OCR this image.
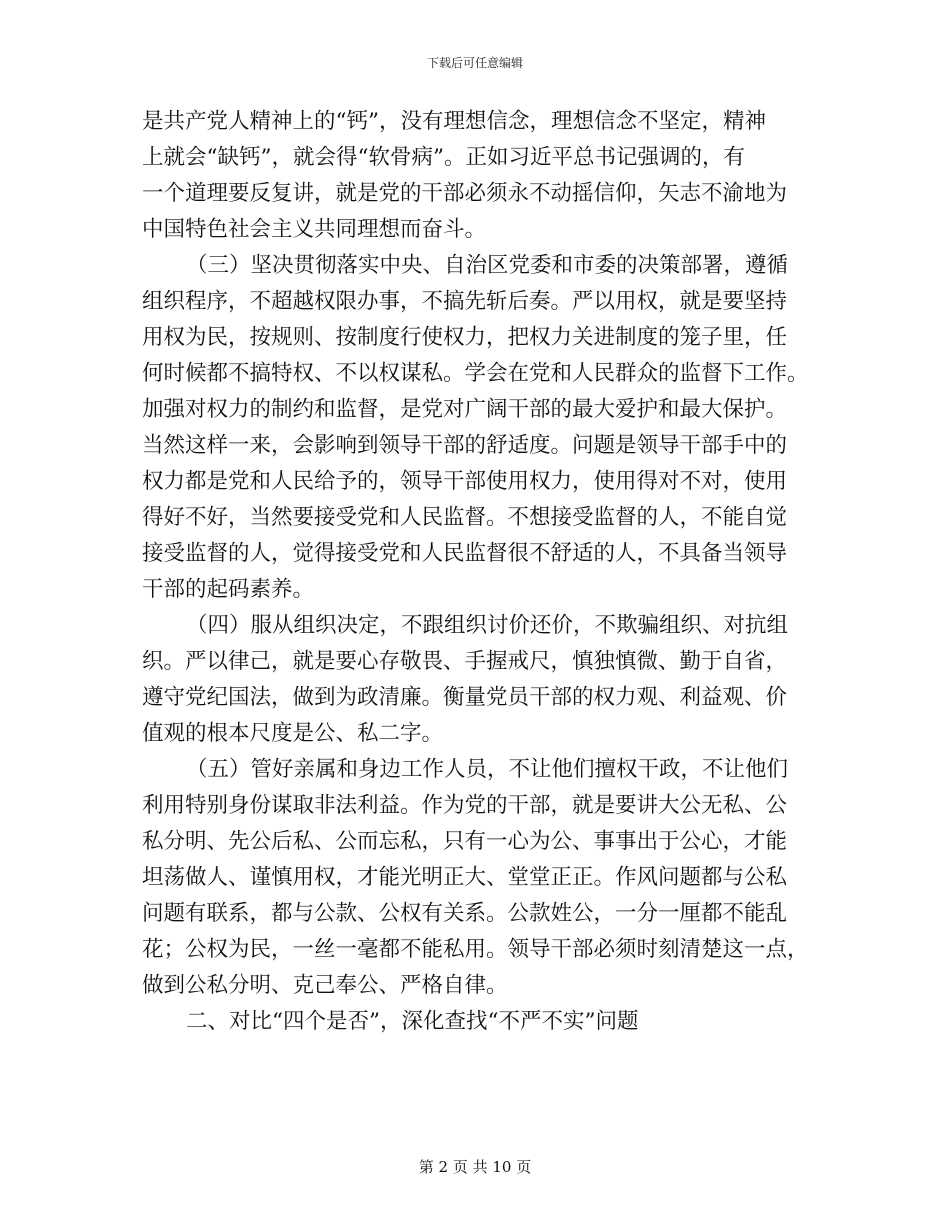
下载后可任意编辑
是共产党人精神上的“钙”，没有理想信念，理想信念不坚定，精神
上就会“缺钙”，就会得“软骨病”。正如习近平总书记强调的，有
一个道理要反复讲，就是党的干部必须永不动摇信仰，矢志不渝地为
中国特色社会主义共同理想而奋斗。
（三）坚决贯彻落实中央、自治区党委和市委的决策部署，遵循
组织程序，不超越权限办事，不搞先斩后奏。严以用权，就是要坚持
用权为民，按规则、按制度行使权力，把权力关进制度的笼子里，任
何时候都不搞特权、不以权谋私。学会在党和人民群众的监督下工作。
加强对权力的制约和监督，是党对广阔干部的最大爱护和最大保护。
当然这样一来，会影响到领导干部的舒适度。问题是领导干部手中的
权力都是党和人民给予的，领导干部使用权力，使用得对不对，使用
得好不好，当然要接受党和人民监督。不想接受监督的人，不能自觉
接受监督的人，觉得接受党和人民监督很不舒适的人，不具备当领导
干部的起码素养。
（四）服从组织决定，不跟组织讨价还价，不欺骗组织、对抗组
织。严以律己，就是要心存敬畏、手握戒尺，慎独慎微、勤于自省，
遵守党纪国法，做到为政清廉。衡量党员干部的权力观、利益观、价
值观的根本尺度是公、私二字。
（五）管好亲属和身边工作人员，不让他们擅权干政，不让他们
利用特别身份谋取非法利益。作为党的干部，就是要讲大公无私、公
私分明、先公后私、公而忘私，只有一心为公、事事出于公心，才能
坦荡做人、谨慎用权，才能光明正大、堂堂正正。作风问题都与公私
问题有联系，都与公款、公权有关系。公款姓公，一分一厘都不能乱
花；公权为民，一丝一毫都不能私用。领导干部必须时刻清楚这一点，
做到公私分明、克己奉公、严格自律。
二、对比“四个是否”，深化查找“不严不实”问题
第 2 页 共 10 页
